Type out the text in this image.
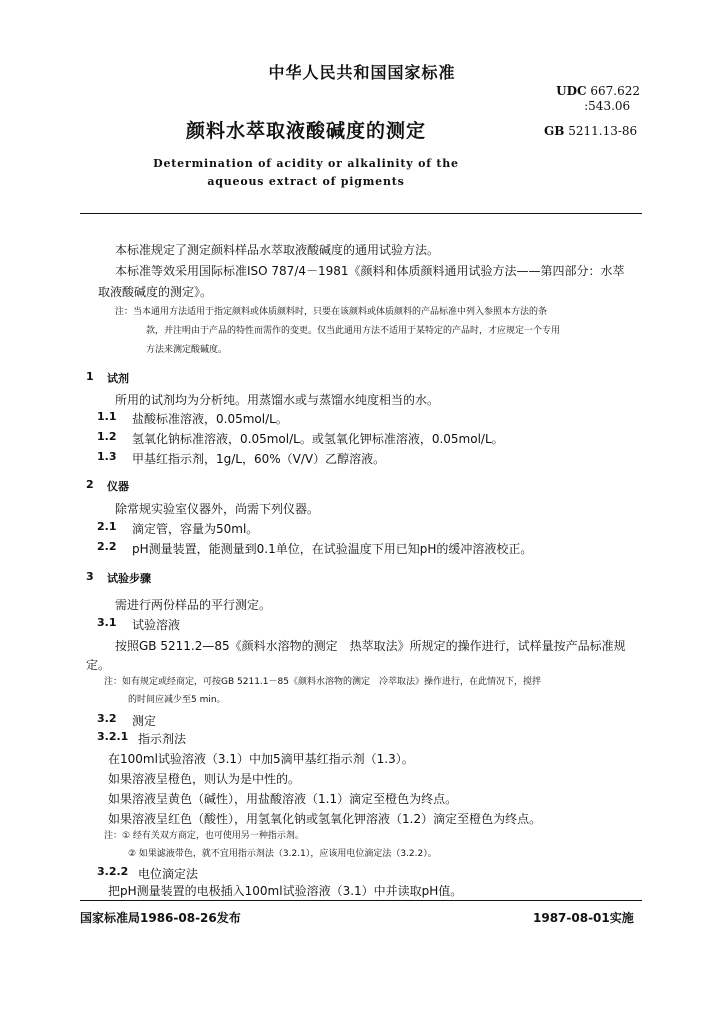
中华人民共和国国家标准
UDC 667.622
:543.06
颜料水萃取液酸碱度的测定	GB 5211.13-86
Determination of acidity or alkalinity of the
aqueous extract of pigments
本标准规定了测定颜料样品水萃取液酸碱度的通用试验方法。
本标准等效采用国际标准ISO 787/4－1981《颜料和体质颜料通用试验方法——第四部分：水萃
取液酸碱度的测定》。
注：当本通用方法适用于指定颜料或体质颜料时，只要在该颜料或体质颜料的产品标准中列入参照本方法的条
款，并注明由于产品的特性而需作的变更。仅当此通用方法不适用于某特定的产品时，才应规定一个专用
方法来测定酸碱度。
1 试剂
所用的试剂均为分析纯。用蒸馏水或与蒸馏水纯度相当的水。
1.1 盐酸标准溶液，0.05mol/L。
1.2 氢氧化钠标准溶液，0.05mol/L。或氢氧化钾标准溶液，0.05mol/L。
1.3 甲基红指示剂，1g/L，60%（V/V）乙醇溶液。
2 仪器
除常规实验室仪器外，尚需下列仪器。
2.1 滴定管，容量为50ml。
2.2 pH测量装置，能测量到0.1单位，在试验温度下用已知pH的缓冲溶液校正。
3 试验步骤
需进行两份样品的平行测定。
3.1 试验溶液
按照GB 5211.2—85《颜料水溶物的测定　热萃取法》所规定的操作进行，试样量按产品标准规
定。
注：如有规定或经商定，可按GB 5211.1－85《颜料水溶物的测定　冷萃取法》操作进行，在此情况下，搅拌
的时间应减少至5 min。
3.2 测定
3.2.1 指示剂法
在100ml试验溶液（3.1）中加5滴甲基红指示剂（1.3）。
如果溶液呈橙色，则认为是中性的。
如果溶液呈黄色（碱性），用盐酸溶液（1.1）滴定至橙色为终点。
如果溶液呈红色（酸性），用氢氧化钠或氢氧化钾溶液（1.2）滴定至橙色为终点。
注：① 经有关双方商定，也可使用另一种指示剂。
② 如果滤液带色，就不宜用指示剂法（3.2.1），应该用电位滴定法（3.2.2）。
3.2.2 电位滴定法
把pH测量装置的电极插入100ml试验溶液（3.1）中并读取pH值。
国家标准局1986-08-26发布	1987-08-01实施
